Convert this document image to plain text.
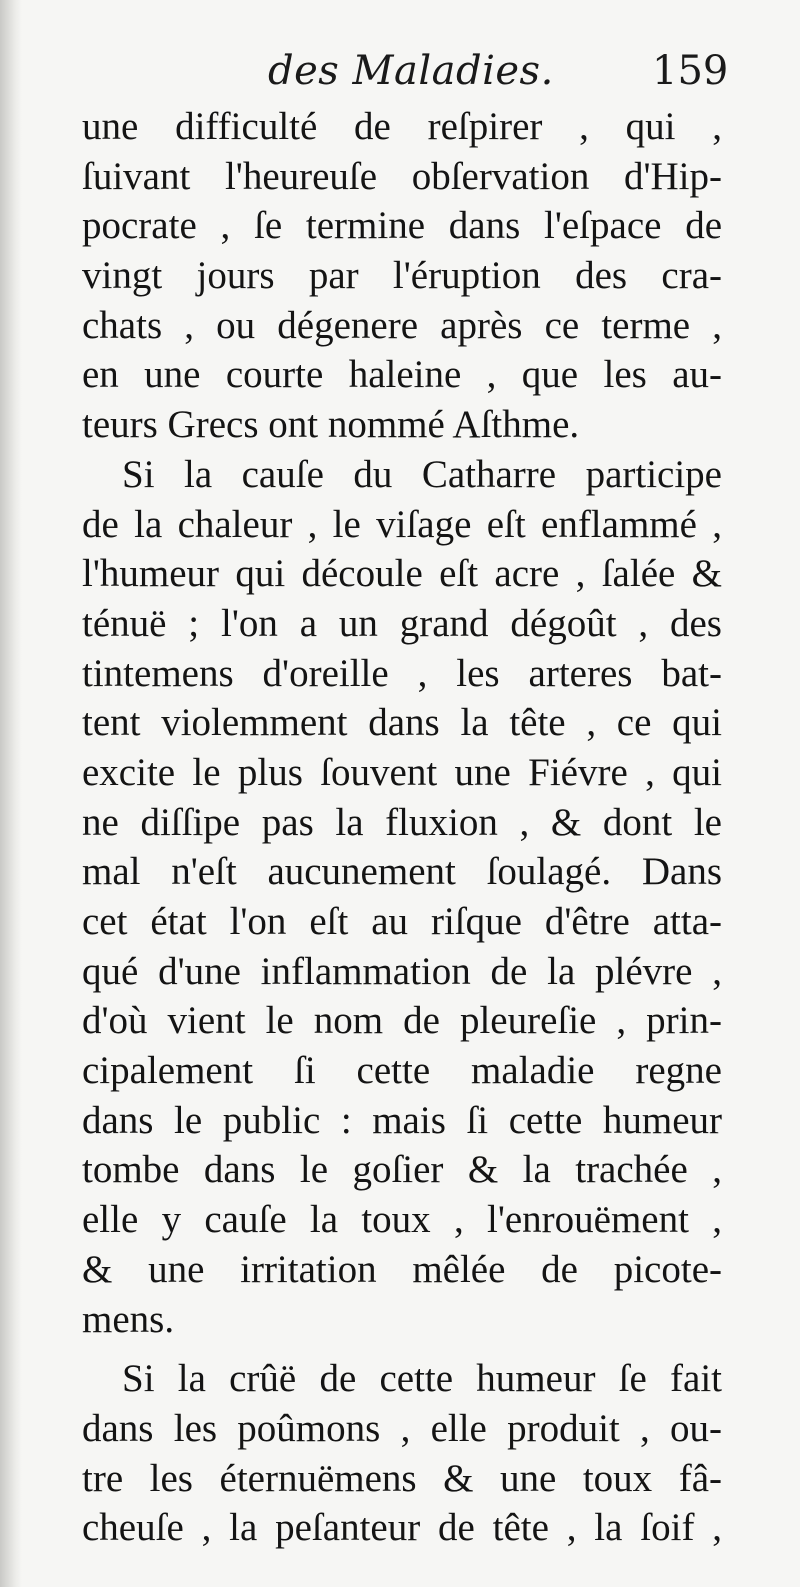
des Maladies. 159
une difficulté de reſpirer , qui ,
ſuivant l'heureuſe obſervation d'Hip-
pocrate , ſe termine dans l'eſpace de
vingt jours par l'éruption des cra-
chats , ou dégenere après ce terme ,
en une courte haleine , que les au-
teurs Grecs ont nommé Aſthme.
Si la cauſe du Catharre participe
de la chaleur , le viſage eſt enflammé ,
l'humeur qui découle eſt acre , ſalée &
ténuë ; l'on a un grand dégoût , des
tintemens d'oreille , les arteres bat-
tent violemment dans la tête , ce qui
excite le plus ſouvent une Fiévre , qui
ne diſſipe pas la fluxion , & dont le
mal n'eſt aucunement ſoulagé. Dans
cet état l'on eſt au riſque d'être atta-
qué d'une inflammation de la plévre ,
d'où vient le nom de pleureſie , prin-
cipalement ſi cette maladie regne
dans le public : mais ſi cette humeur
tombe dans le goſier & la trachée ,
elle y cauſe la toux , l'enrouëment ,
& une irritation mêlée de picote-
mens.
Si la crûë de cette humeur ſe fait
dans les poûmons , elle produit , ou-
tre les éternuëmens & une toux fâ-
cheuſe , la peſanteur de tête , la ſoif ,
